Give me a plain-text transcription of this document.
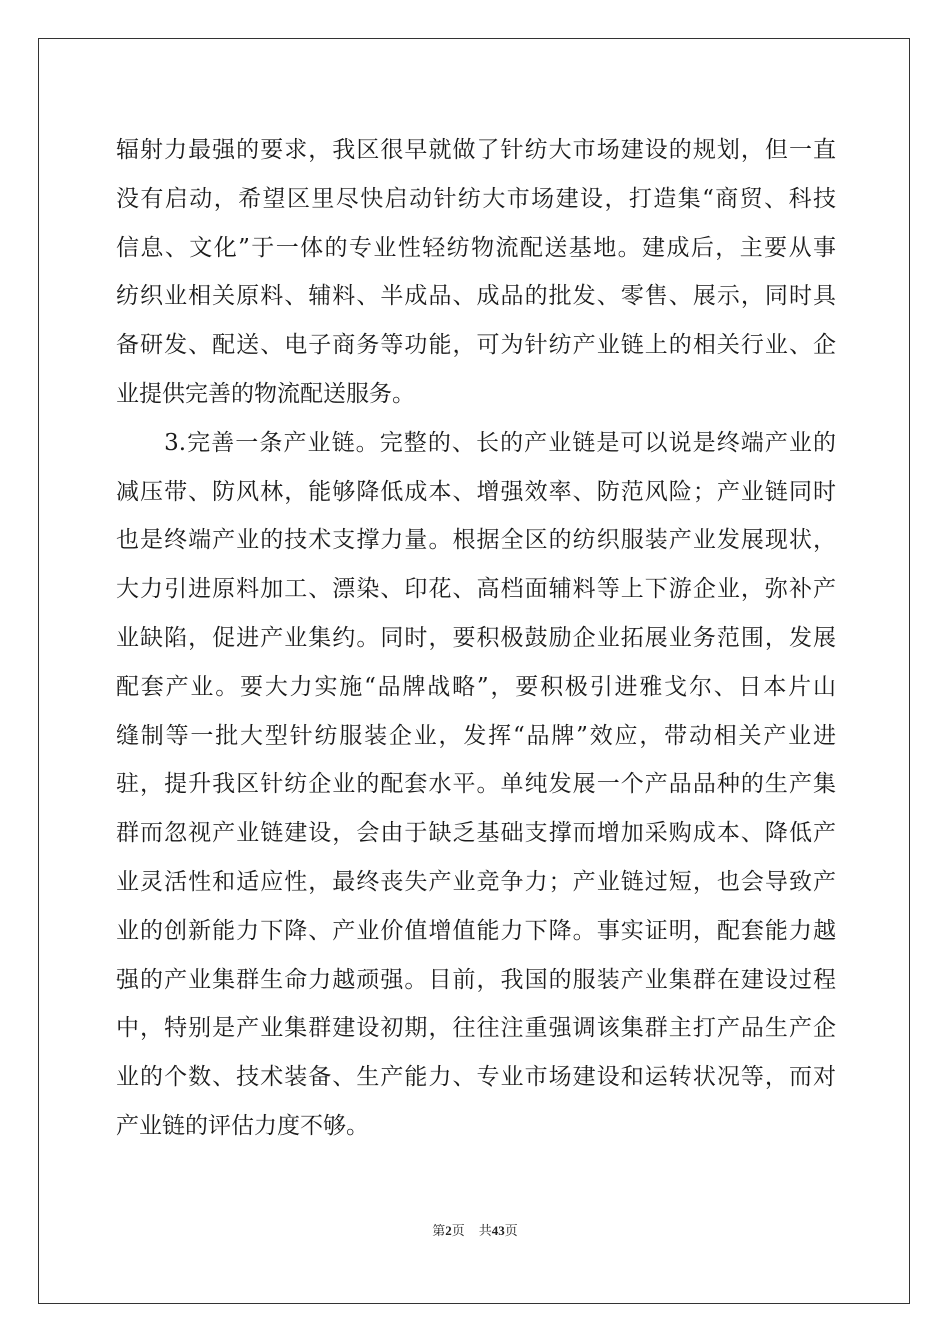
辐射力最强的要求，我区很早就做了针纺大市场建设的规划，但一直
没有启动，希望区里尽快启动针纺大市场建设，打造集“商贸、科技
信息、文化”于一体的专业性轻纺物流配送基地。建成后，主要从事
纺织业相关原料、辅料、半成品、成品的批发、零售、展示，同时具
备研发、配送、电子商务等功能，可为针纺产业链上的相关行业、企
业提供完善的物流配送服务。
　　3.完善一条产业链。完整的、长的产业链是可以说是终端产业的
减压带、防风林，能够降低成本、增强效率、防范风险；产业链同时
也是终端产业的技术支撑力量。根据全区的纺织服装产业发展现状，
大力引进原料加工、漂染、印花、高档面辅料等上下游企业，弥补产
业缺陷，促进产业集约。同时，要积极鼓励企业拓展业务范围，发展
配套产业。要大力实施“品牌战略”，要积极引进雅戈尔、日本片山
缝制等一批大型针纺服装企业，发挥“品牌”效应，带动相关产业进
驻，提升我区针纺企业的配套水平。单纯发展一个产品品种的生产集
群而忽视产业链建设，会由于缺乏基础支撑而增加采购成本、降低产
业灵活性和适应性，最终丧失产业竞争力；产业链过短，也会导致产
业的创新能力下降、产业价值增值能力下降。事实证明，配套能力越
强的产业集群生命力越顽强。目前，我国的服装产业集群在建设过程
中，特别是产业集群建设初期，往往注重强调该集群主打产品生产企
业的个数、技术装备、生产能力、专业市场建设和运转状况等，而对
产业链的评估力度不够。
第2页 共43页
